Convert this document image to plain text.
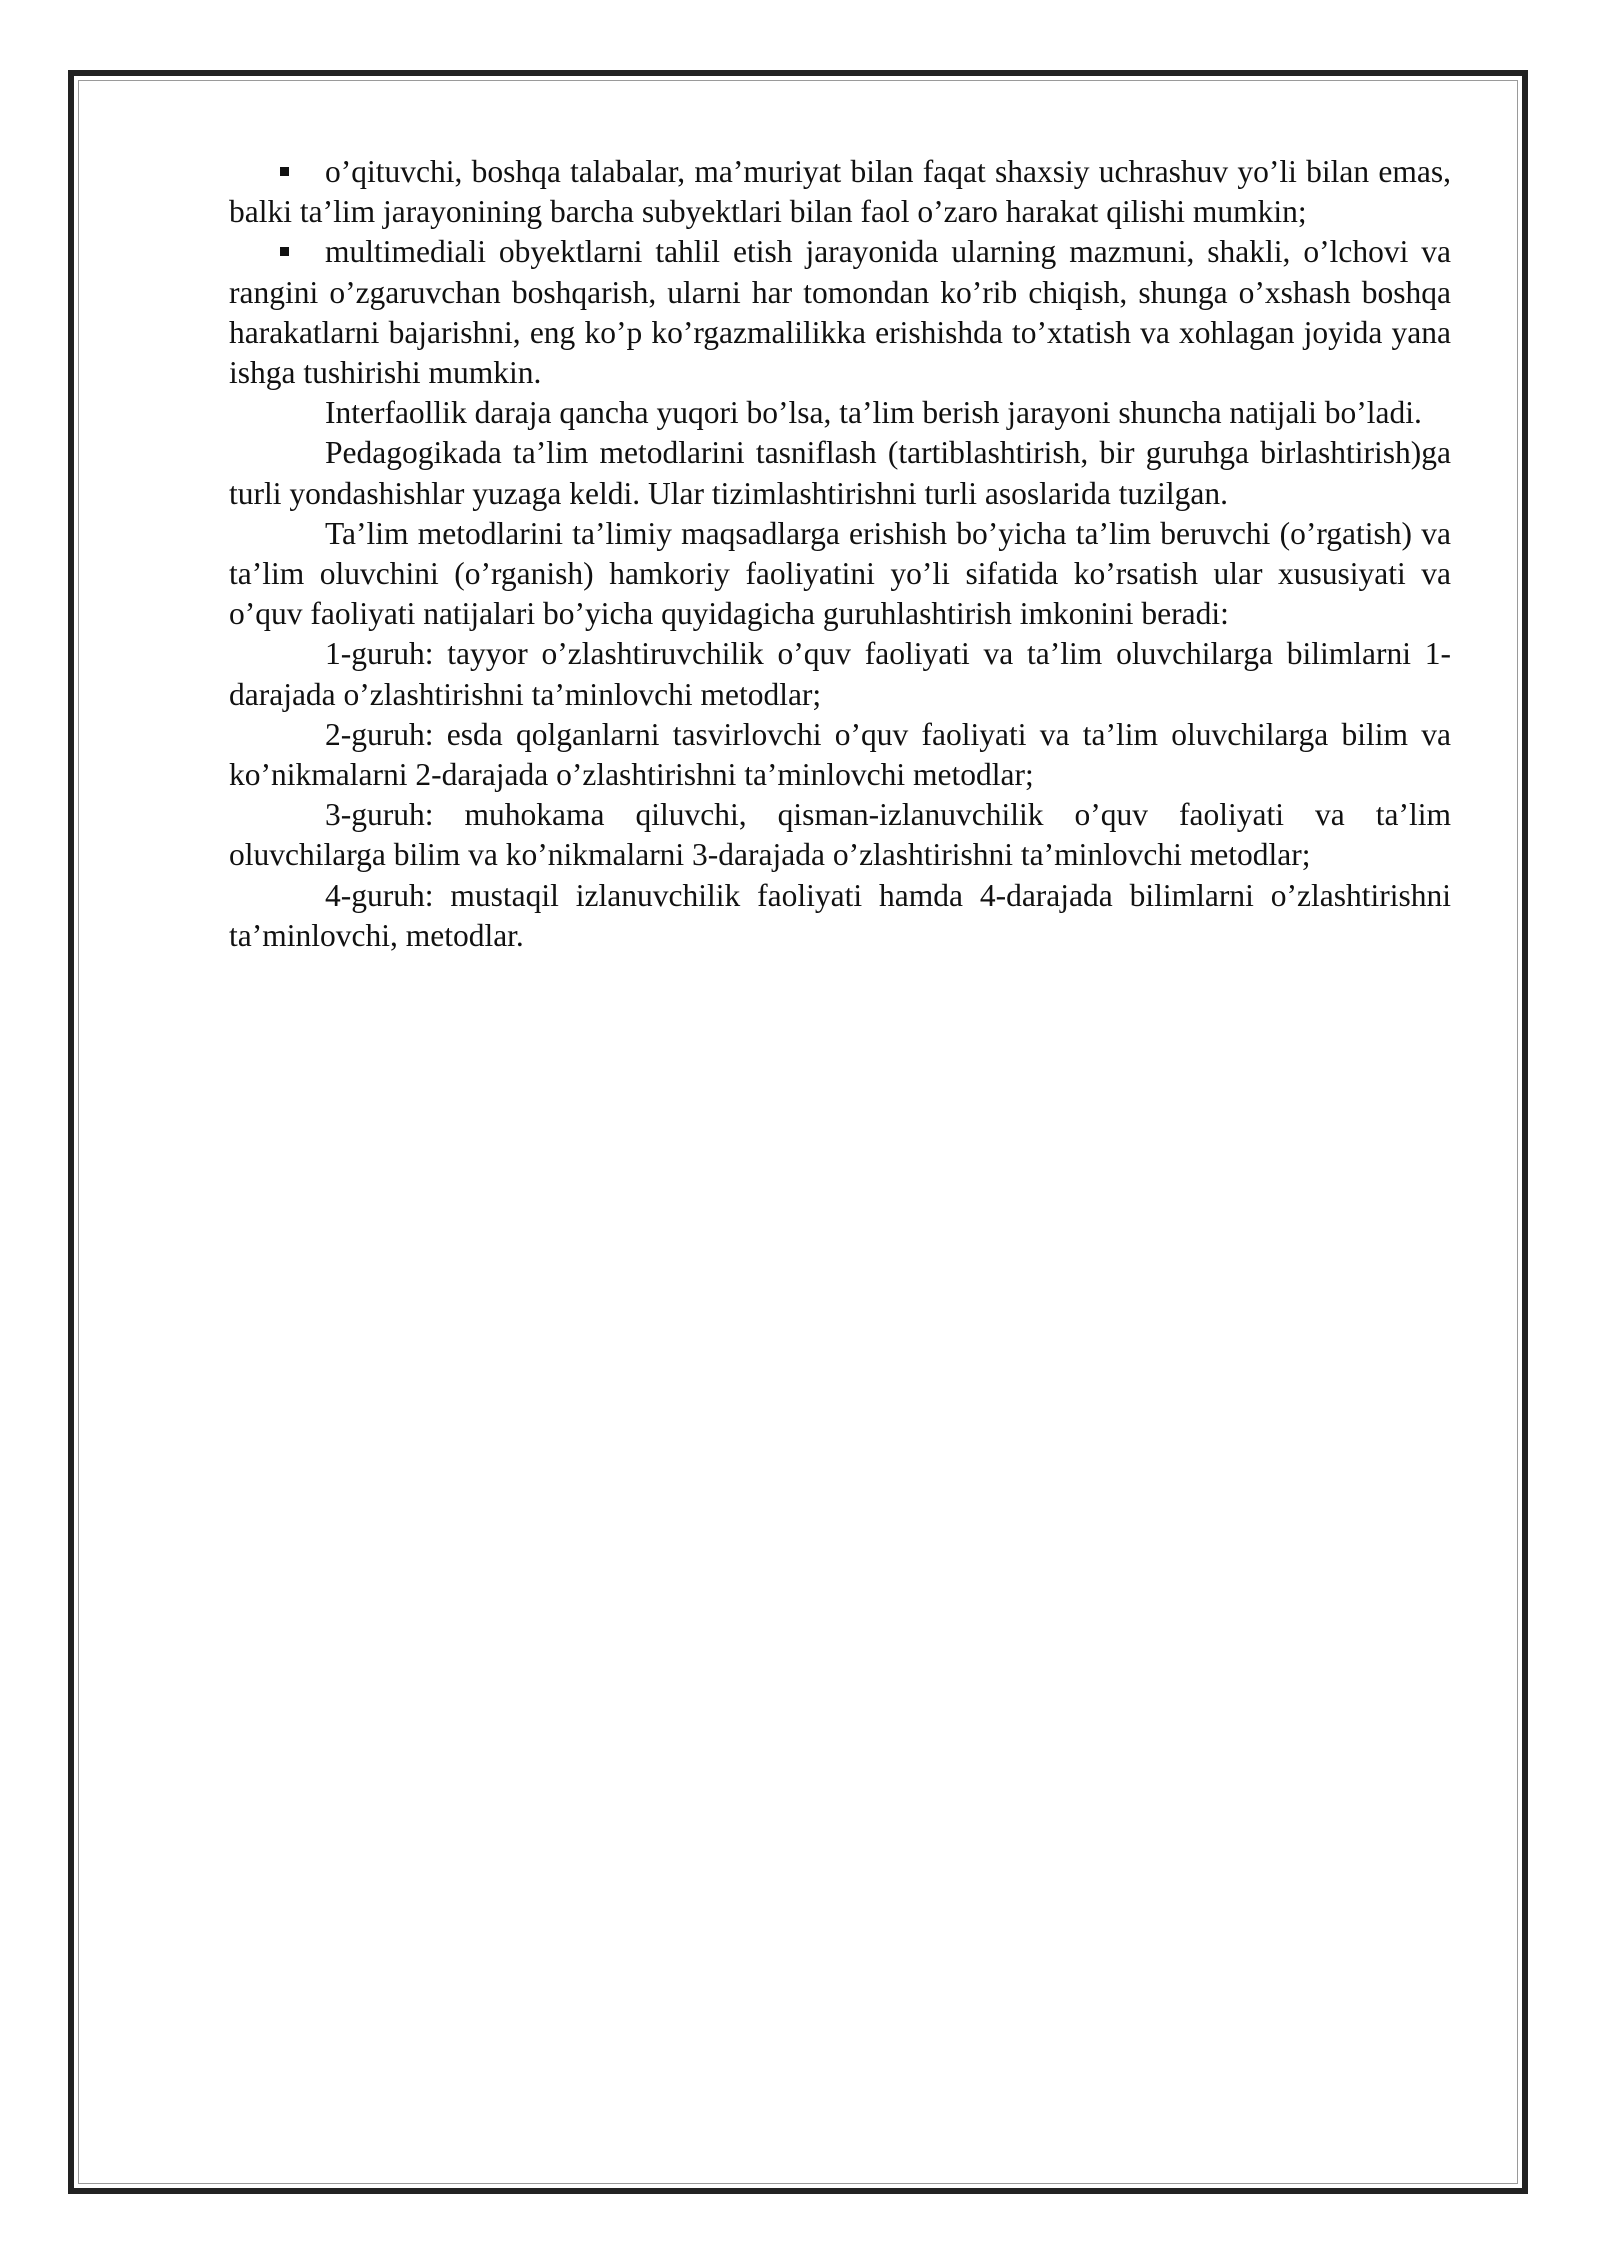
o’qituvchi, boshqa talabalar, ma’muriyat bilan faqat shaxsiy uchrashuv yo’li bilan emas, balki ta’lim jarayonining barcha subyektlari bilan faol o’zaro harakat qilishi mumkin;

multimediali obyektlarni tahlil etish jarayonida ularning mazmuni, shakli, o’lchovi va rangini o’zgaruvchan boshqarish, ularni har tomondan ko’rib chiqish, shunga o’xshash boshqa harakatlarni bajarishni, eng ko’p ko’rgazmalilikka erishishda to’xtatish va xohlagan joyida yana ishga tushirishi mumkin.

Interfaollik daraja qancha yuqori bo’lsa, ta’lim berish jarayoni shuncha natijali bo’ladi.

Pedagogikada ta’lim metodlarini tasniflash (tartiblashtirish, bir guruhga birlashtirish)ga turli yondashishlar yuzaga keldi. Ular tizimlashtirishni turli asoslarida tuzilgan.

Ta’lim metodlarini ta’limiy maqsadlarga erishish bo’yicha ta’lim beruvchi (o’rgatish) va ta’lim oluvchini (o’rganish) hamkoriy faoliyatini yo’li sifatida ko’rsatish ular xususiyati va o’quv faoliyati natijalari bo’yicha quyidagicha guruhlashtirish imkonini beradi:

1-guruh: tayyor o’zlashtiruvchilik o’quv faoliyati va ta’lim oluvchilarga bilimlarni 1-darajada o’zlashtirishni ta’minlovchi metodlar;

2-guruh: esda qolganlarni tasvirlovchi o’quv faoliyati va ta’lim oluvchilarga bilim va ko’nikmalarni 2-darajada o’zlashtirishni ta’minlovchi metodlar;

3-guruh: muhokama qiluvchi, qisman-izlanuvchilik o’quv faoliyati va ta’lim oluvchilarga bilim va ko’nikmalarni 3-darajada o’zlashtirishni ta’minlovchi metodlar;

4-guruh: mustaqil izlanuvchilik faoliyati hamda 4-darajada bilimlarni o’zlashtirishni ta’minlovchi, metodlar.
